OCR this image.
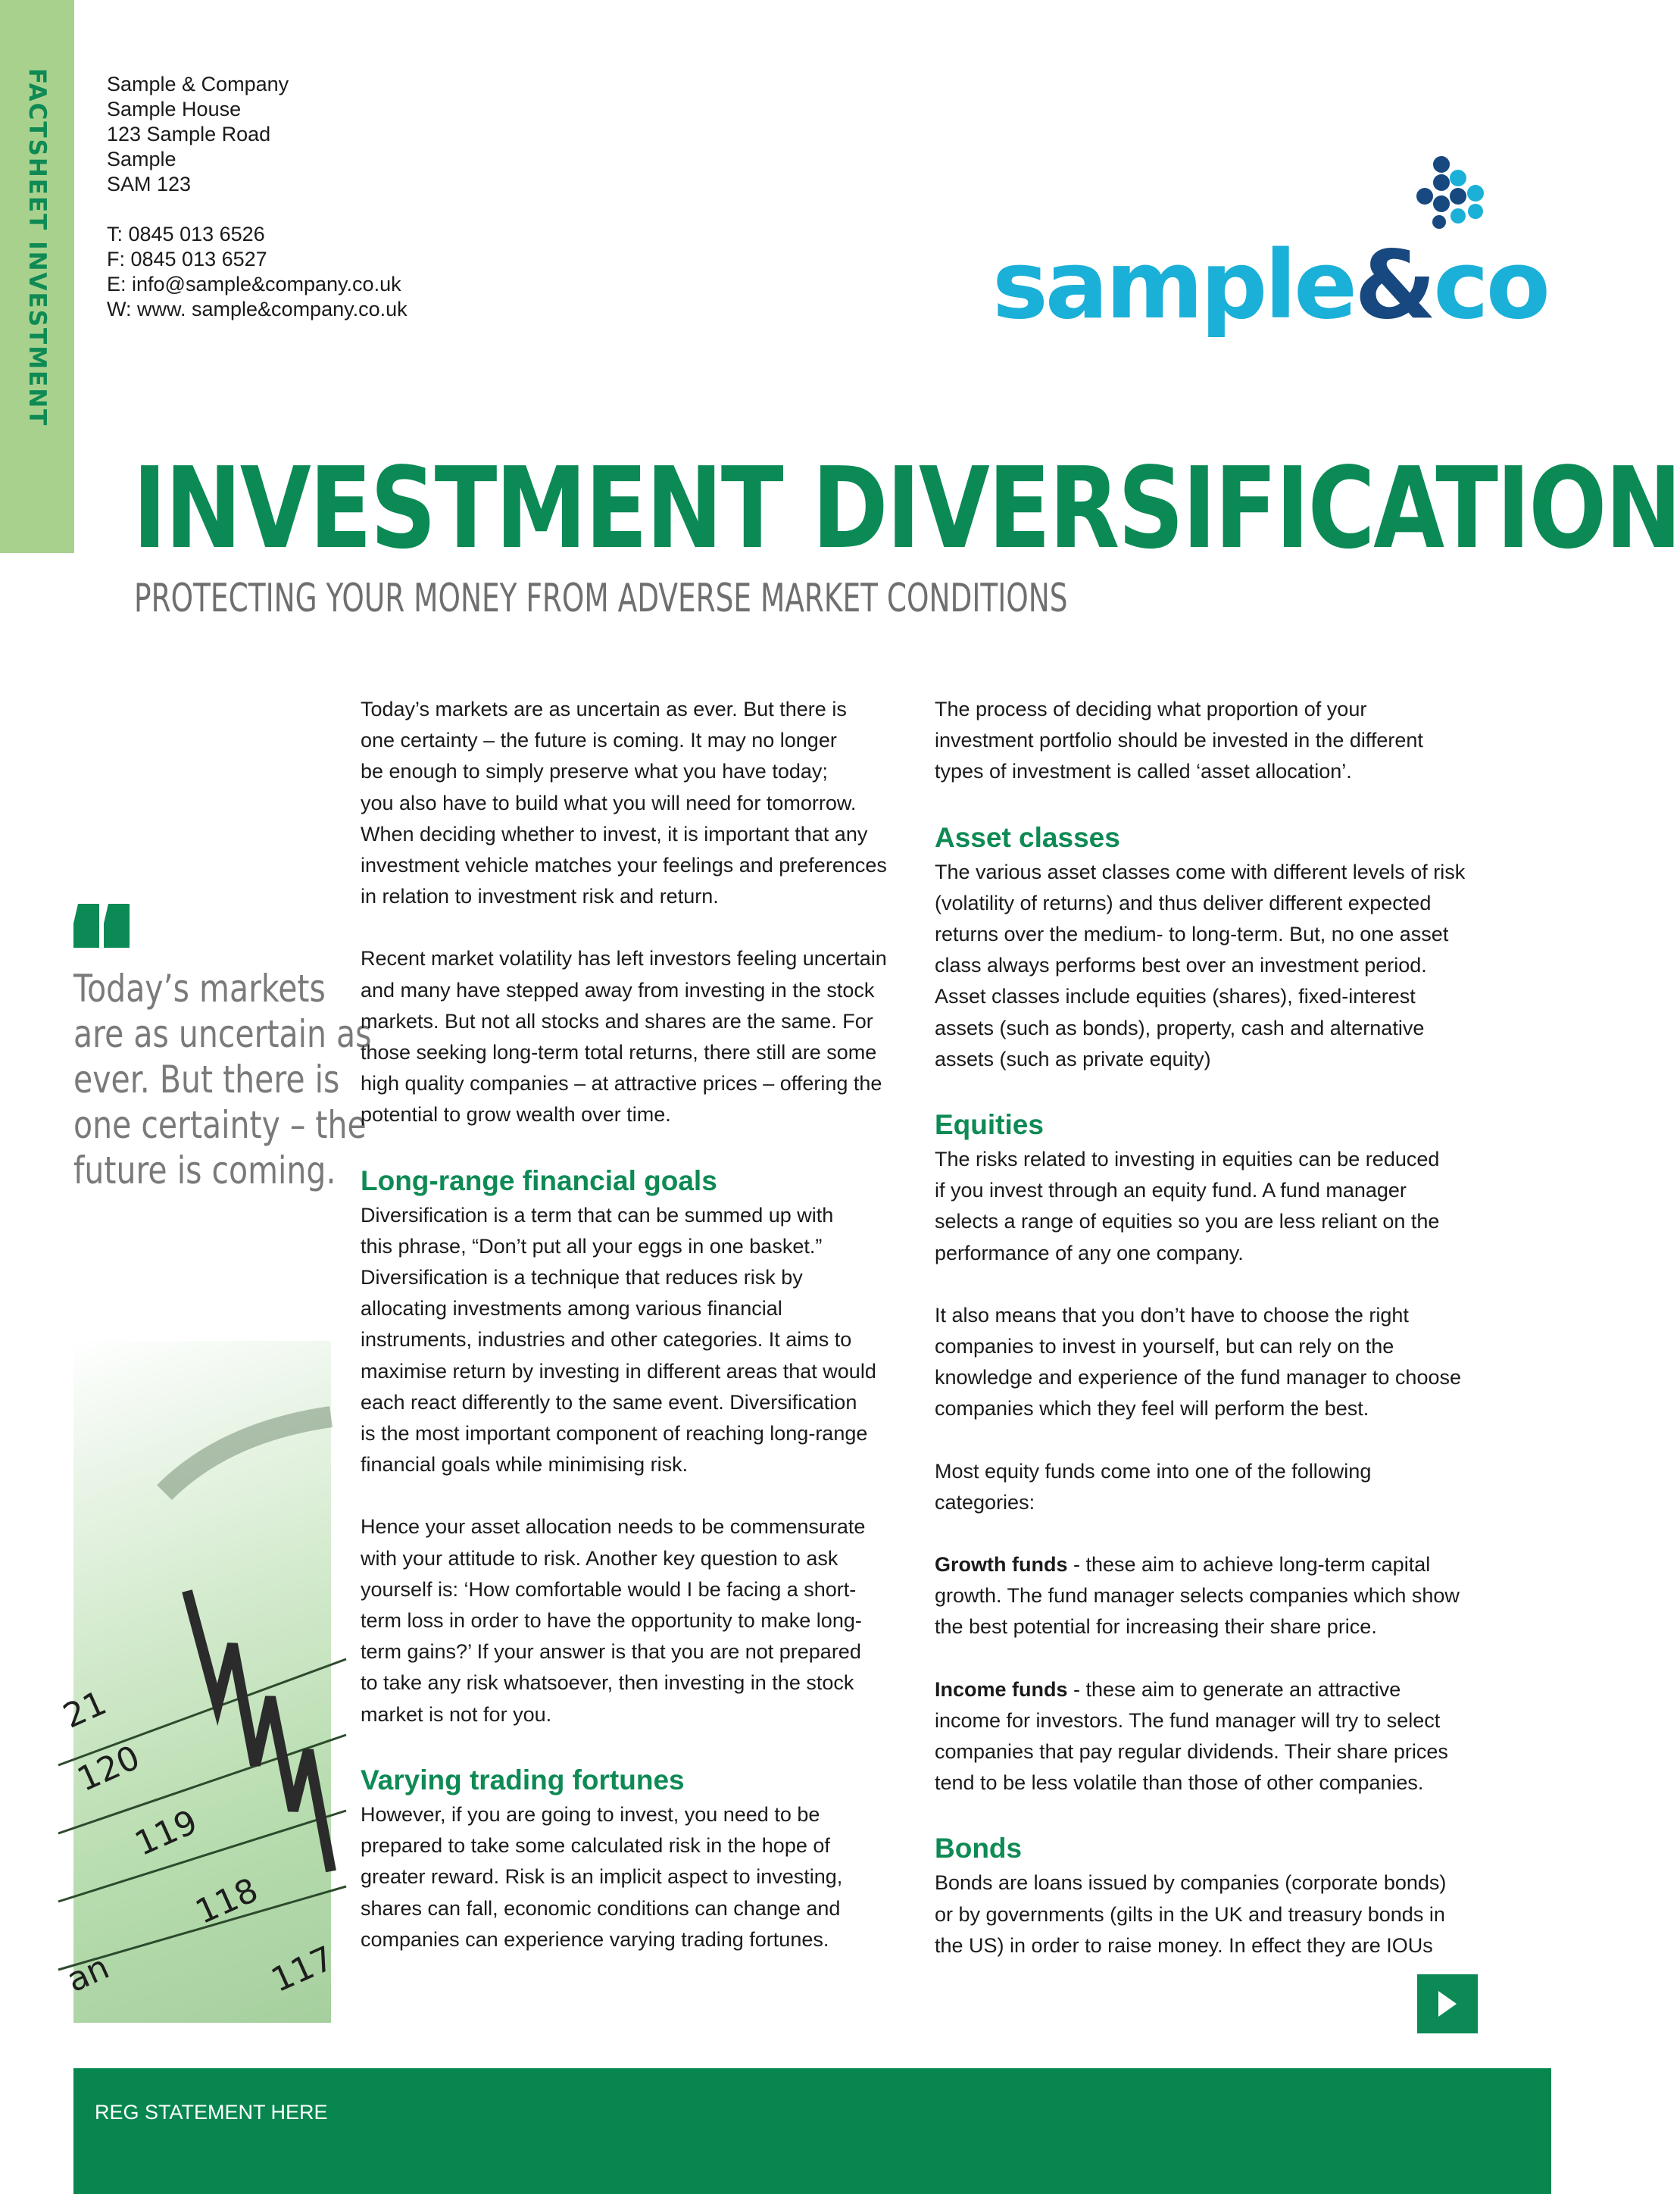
FACTSHEET INVESTMENT	Sample & Company
Sample House
123 Sample Road
Sample
SAM 123
T: 0845 013 6526
F: 0845 013 6527
E: info@sample&company.co.uk
W: www. sample&company.co.uk	sample&co
INVESTMENT DIVERSIFICATION
PROTECTING YOUR MONEY FROM ADVERSE MARKET CONDITIONS
Today’s markets
are as uncertain as
ever. But there is
one certainty – the
future is coming.
21
120
119
118
117
an

Today’s markets are as uncertain as ever. But there is
one certainty – the future is coming. It may no longer
be enough to simply preserve what you have today;
you also have to build what you will need for tomorrow.
When deciding whether to invest, it is important that any
investment vehicle matches your feelings and preferences
in relation to investment risk and return.

Recent market volatility has left investors feeling uncertain
and many have stepped away from investing in the stock
markets. But not all stocks and shares are the same. For
those seeking long-term total returns, there still are some
high quality companies – at attractive prices – offering the
potential to grow wealth over time.

Long-range financial goals

Diversification is a term that can be summed up with
this phrase, “Don’t put all your eggs in one basket.”
Diversification is a technique that reduces risk by
allocating investments among various financial
instruments, industries and other categories. It aims to
maximise return by investing in different areas that would
each react differently to the same event. Diversification
is the most important component of reaching long-range
financial goals while minimising risk.

Hence your asset allocation needs to be commensurate
with your attitude to risk. Another key question to ask
yourself is: ‘How comfortable would I be facing a short-
term loss in order to have the opportunity to make long-
term gains?’ If your answer is that you are not prepared
to take any risk whatsoever, then investing in the stock
market is not for you.

Varying trading fortunes

However, if you are going to invest, you need to be
prepared to take some calculated risk in the hope of
greater reward. Risk is an implicit aspect to investing,
shares can fall, economic conditions can change and
companies can experience varying trading fortunes.

The process of deciding what proportion of your
investment portfolio should be invested in the different
types of investment is called ‘asset allocation’.

Asset classes

The various asset classes come with different levels of risk
(volatility of returns) and thus deliver different expected
returns over the medium- to long-term. But, no one asset
class always performs best over an investment period.
Asset classes include equities (shares), fixed-interest
assets (such as bonds), property, cash and alternative
assets (such as private equity)

Equities

The risks related to investing in equities can be reduced
if you invest through an equity fund. A fund manager
selects a range of equities so you are less reliant on the
performance of any one company.

It also means that you don’t have to choose the right
companies to invest in yourself, but can rely on the
knowledge and experience of the fund manager to choose
companies which they feel will perform the best.

Most equity funds come into one of the following
categories:

Growth funds - these aim to achieve long-term capital
growth. The fund manager selects companies which show
the best potential for increasing their share price.

Income funds - these aim to generate an attractive
income for investors. The fund manager will try to select
companies that pay regular dividends. Their share prices
tend to be less volatile than those of other companies.

Bonds

Bonds are loans issued by companies (corporate bonds)
or by governments (gilts in the UK and treasury bonds in
the US) in order to raise money. In effect they are IOUs

REG STATEMENT HERE
